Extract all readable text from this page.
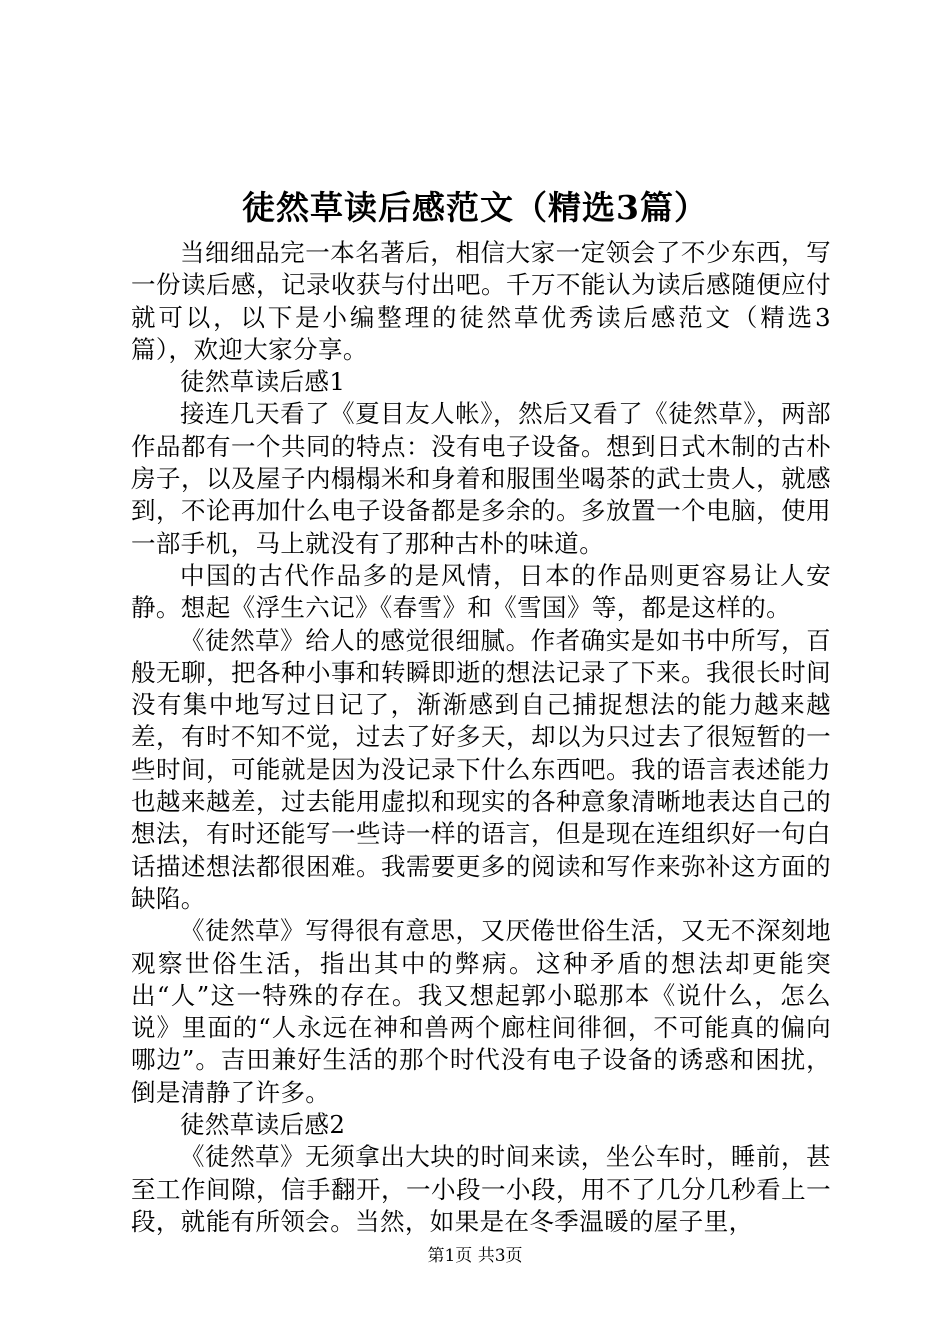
徒然草读后感范文（精选3篇）

当细细品完一本名著后，相信大家一定领会了不少东西，写一份读后感，记录收获与付出吧。千万不能认为读后感随便应付就可以，以下是小编整理的徒然草优秀读后感范文（精选3篇），欢迎大家分享。

徒然草读后感1

接连几天看了《夏目友人帐》，然后又看了《徒然草》，两部作品都有一个共同的特点：没有电子设备。想到日式木制的古朴房子，以及屋子内榻榻米和身着和服围坐喝茶的武士贵人，就感到，不论再加什么电子设备都是多余的。多放置一个电脑，使用一部手机，马上就没有了那种古朴的味道。

中国的古代作品多的是风情，日本的作品则更容易让人安静。想起《浮生六记》《春雪》和《雪国》等，都是这样的。

《徒然草》给人的感觉很细腻。作者确实是如书中所写，百般无聊，把各种小事和转瞬即逝的想法记录了下来。我很长时间没有集中地写过日记了，渐渐感到自己捕捉想法的能力越来越差，有时不知不觉，过去了好多天，却以为只过去了很短暂的一些时间，可能就是因为没记录下什么东西吧。我的语言表述能力也越来越差，过去能用虚拟和现实的各种意象清晰地表达自己的想法，有时还能写一些诗一样的语言，但是现在连组织好一句白话描述想法都很困难。我需要更多的阅读和写作来弥补这方面的缺陷。

《徒然草》写得很有意思，又厌倦世俗生活，又无不深刻地观察世俗生活，指出其中的弊病。这种矛盾的想法却更能突出“人”这一特殊的存在。我又想起郭小聪那本《说什么，怎么说》里面的“人永远在神和兽两个廊柱间徘徊，不可能真的偏向哪边”。吉田兼好生活的那个时代没有电子设备的诱惑和困扰，倒是清静了许多。

徒然草读后感2

《徒然草》无须拿出大块的时间来读，坐公车时，睡前，甚至工作间隙，信手翻开，一小段一小段，用不了几分几秒看上一段，就能有所领会。当然，如果是在冬季温暖的屋子里，

第1页 共3页
